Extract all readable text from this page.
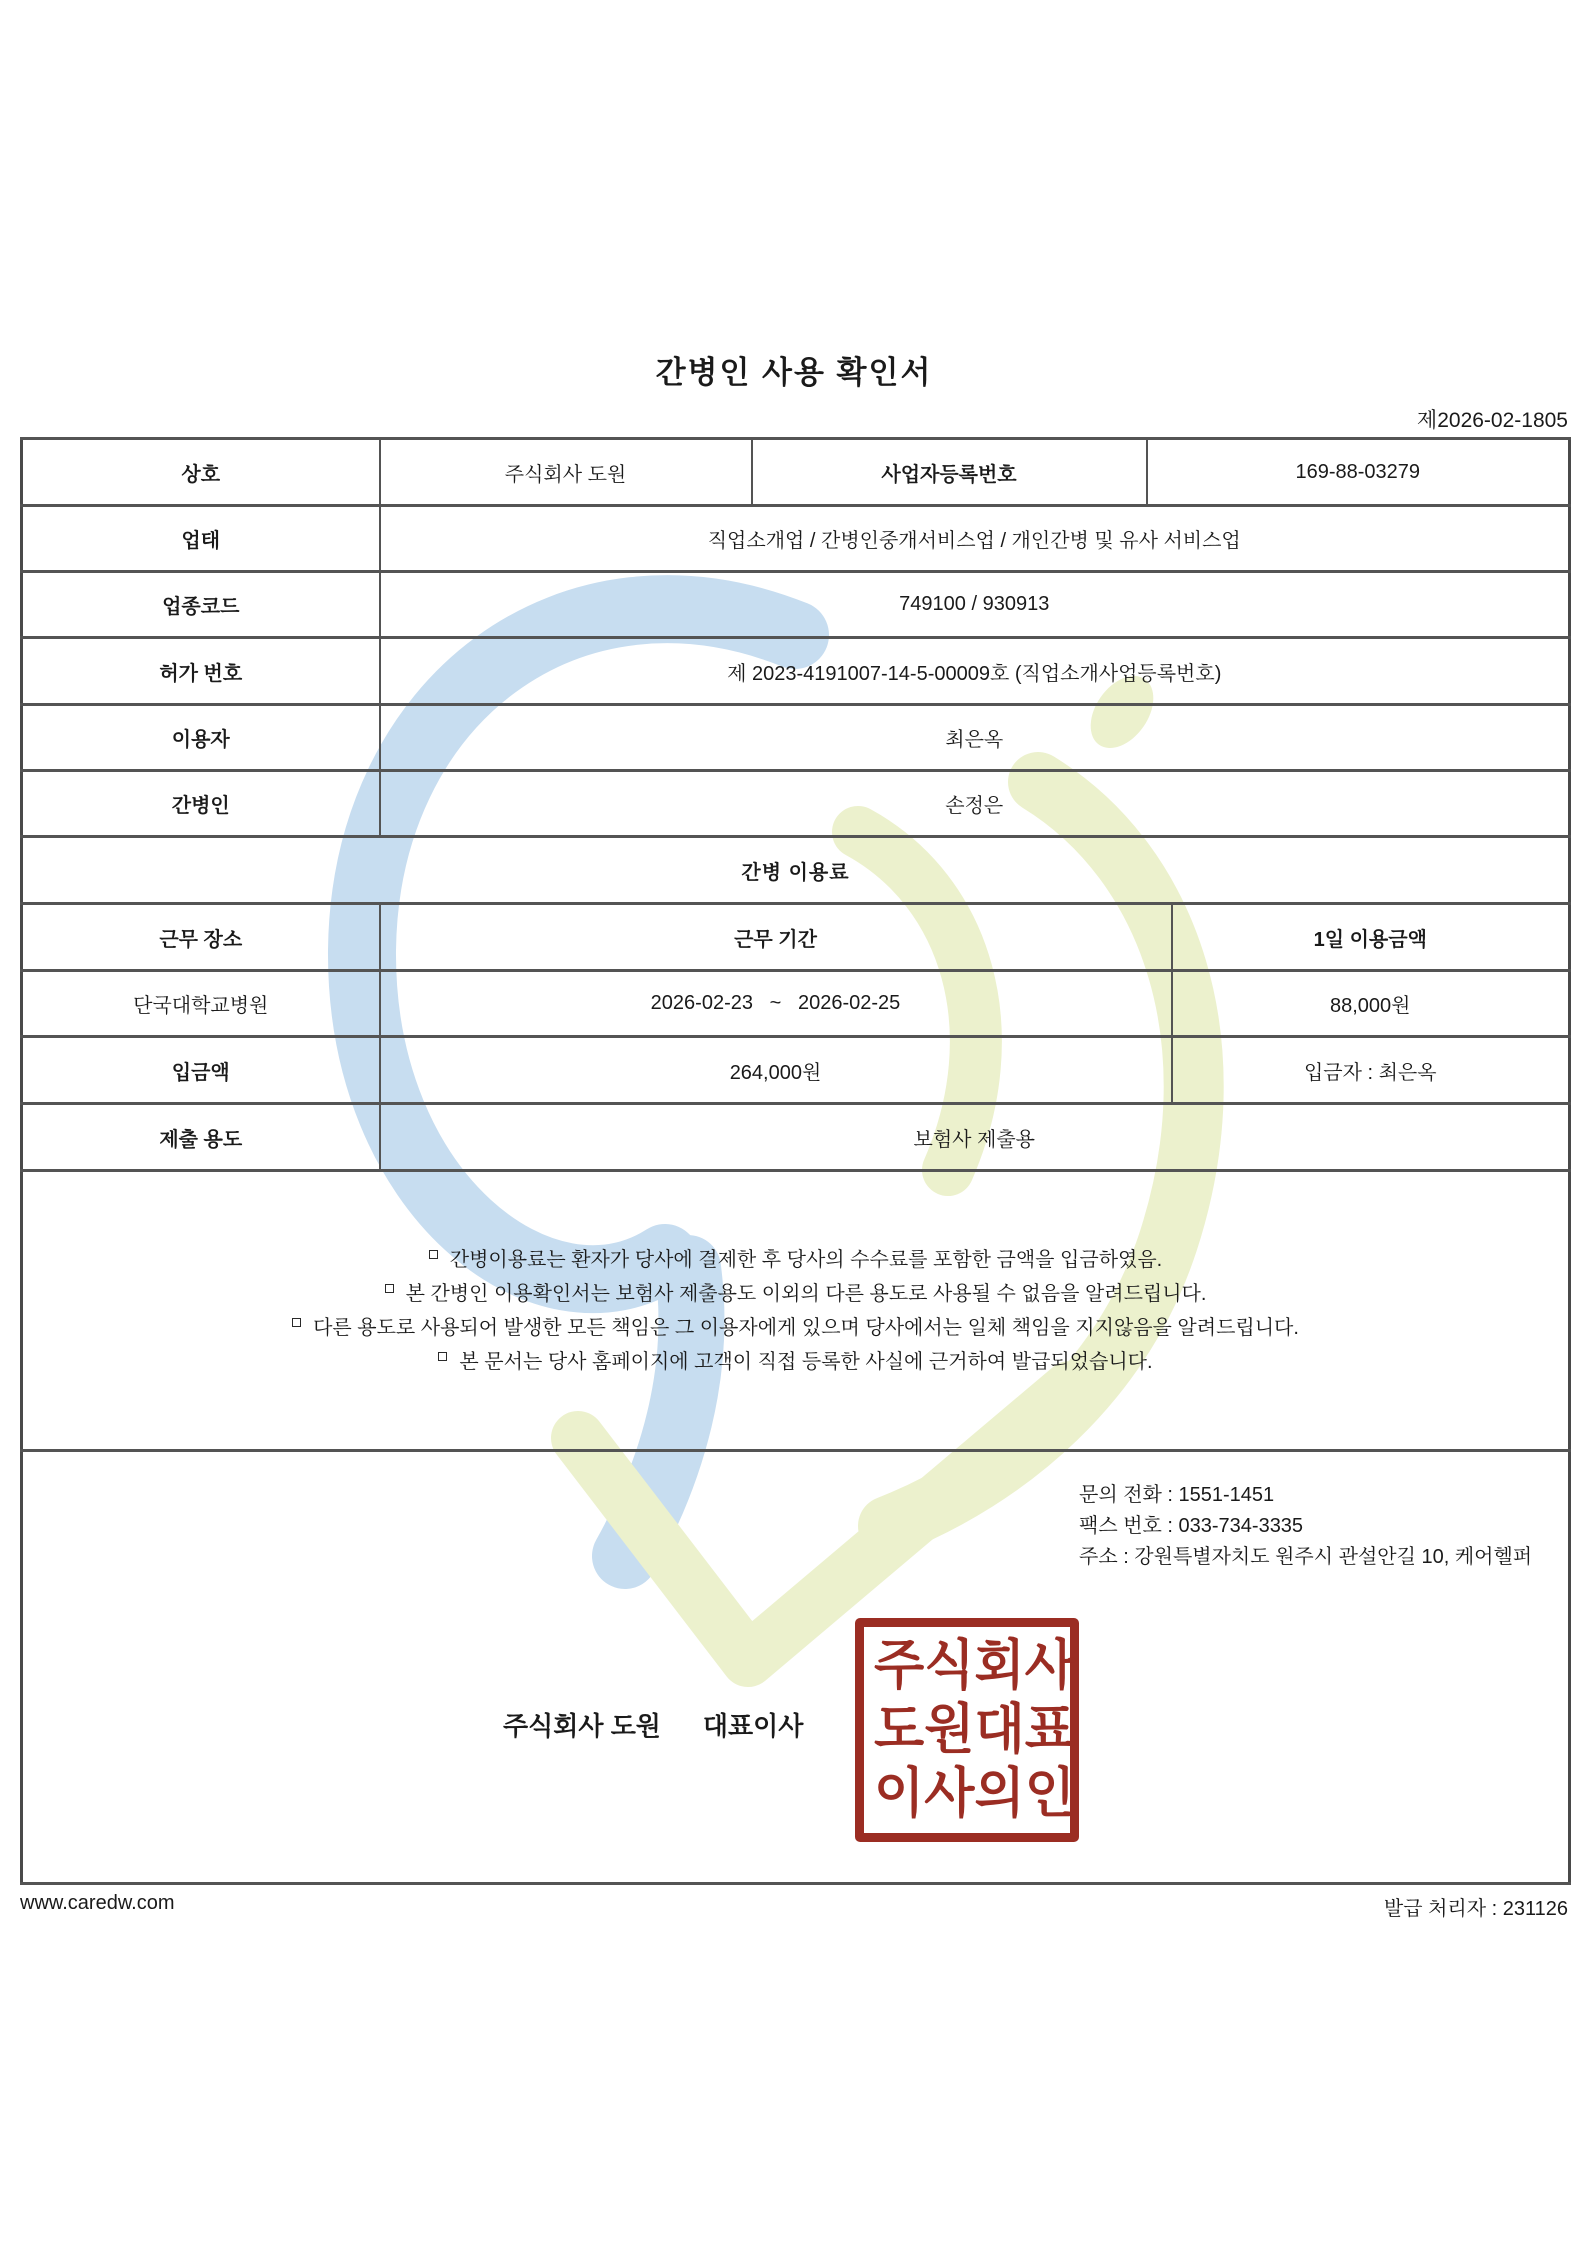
간병인 사용 확인서
제2026-02-1805
상호	주식회사 도원	사업자등록번호	169-88-03279	
업태	직업소개업 / 간병인중개서비스업 / 개인간병 및 유사 서비스업			
업종코드	749100 / 930913			
허가 번호	제 2023-4191007-14-5-00009호 (직업소개사업등록번호)			
이용자	최은옥			
간병인	손정은			
간병 이용료				
근무 장소	근무 기간			1일 이용금액
단국대학교병원	2026-02-23   ~   2026-02-25			88,000원
입금액	264,000원			입금자 : 최은옥
제출 용도	보험사 제출용			

간병이용료는 환자가 당사에 결제한 후 당사의 수수료를 포함한 금액을 입금하였음.
본 간병인 이용확인서는 보험사 제출용도 이외의 다른 용도로 사용될 수 없음을 알려드립니다.
다른 용도로 사용되어 발생한 모든 책임은 그 이용자에게 있으며 당사에서는 일체 책임을 지지않음을 알려드립니다.
본 문서는 당사 홈페이지에 고객이 직접 등록한 사실에 근거하여 발급되었습니다.				

문의 전화 : 1551-1451
팩스 번호 : 033-734-3335
주소 : 강원특별자치도 원주시 관설안길 10, 케어헬퍼
주식회사 도원 대표이사
주 식 회 사
도 원 대 표
이 사 의 인
www.caredw.com	발급 처리자 : 231126
